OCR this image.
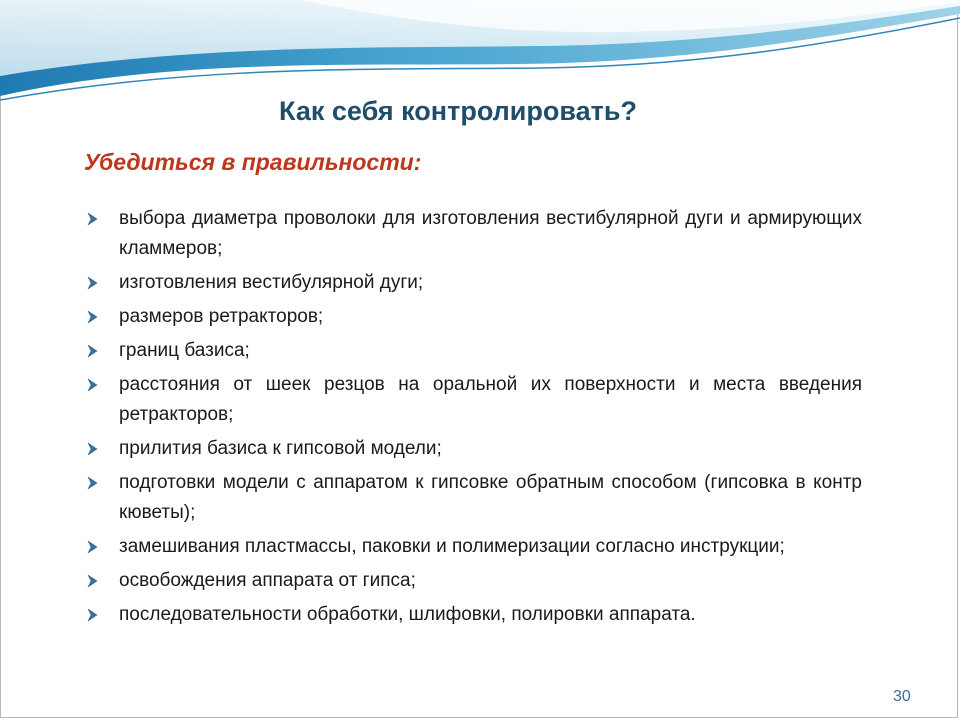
Как себя контролировать?
Убедиться в правильности:
выбора диаметра проволоки для изготовления вестибулярной дуги и армирующих кламмеров;
изготовления вестибулярной дуги;
размеров ретракторов;
границ базиса;
расстояния от шеек резцов на оральной их поверхности и места введения ретракторов;
прилития базиса к гипсовой модели;
подготовки модели с аппаратом к гипсовке обратным способом (гипсовка в контр кюветы);
замешивания пластмассы, паковки и полимеризации согласно инструкции;
освобождения аппарата от гипса;
последовательности обработки, шлифовки, полировки аппарата.
30
